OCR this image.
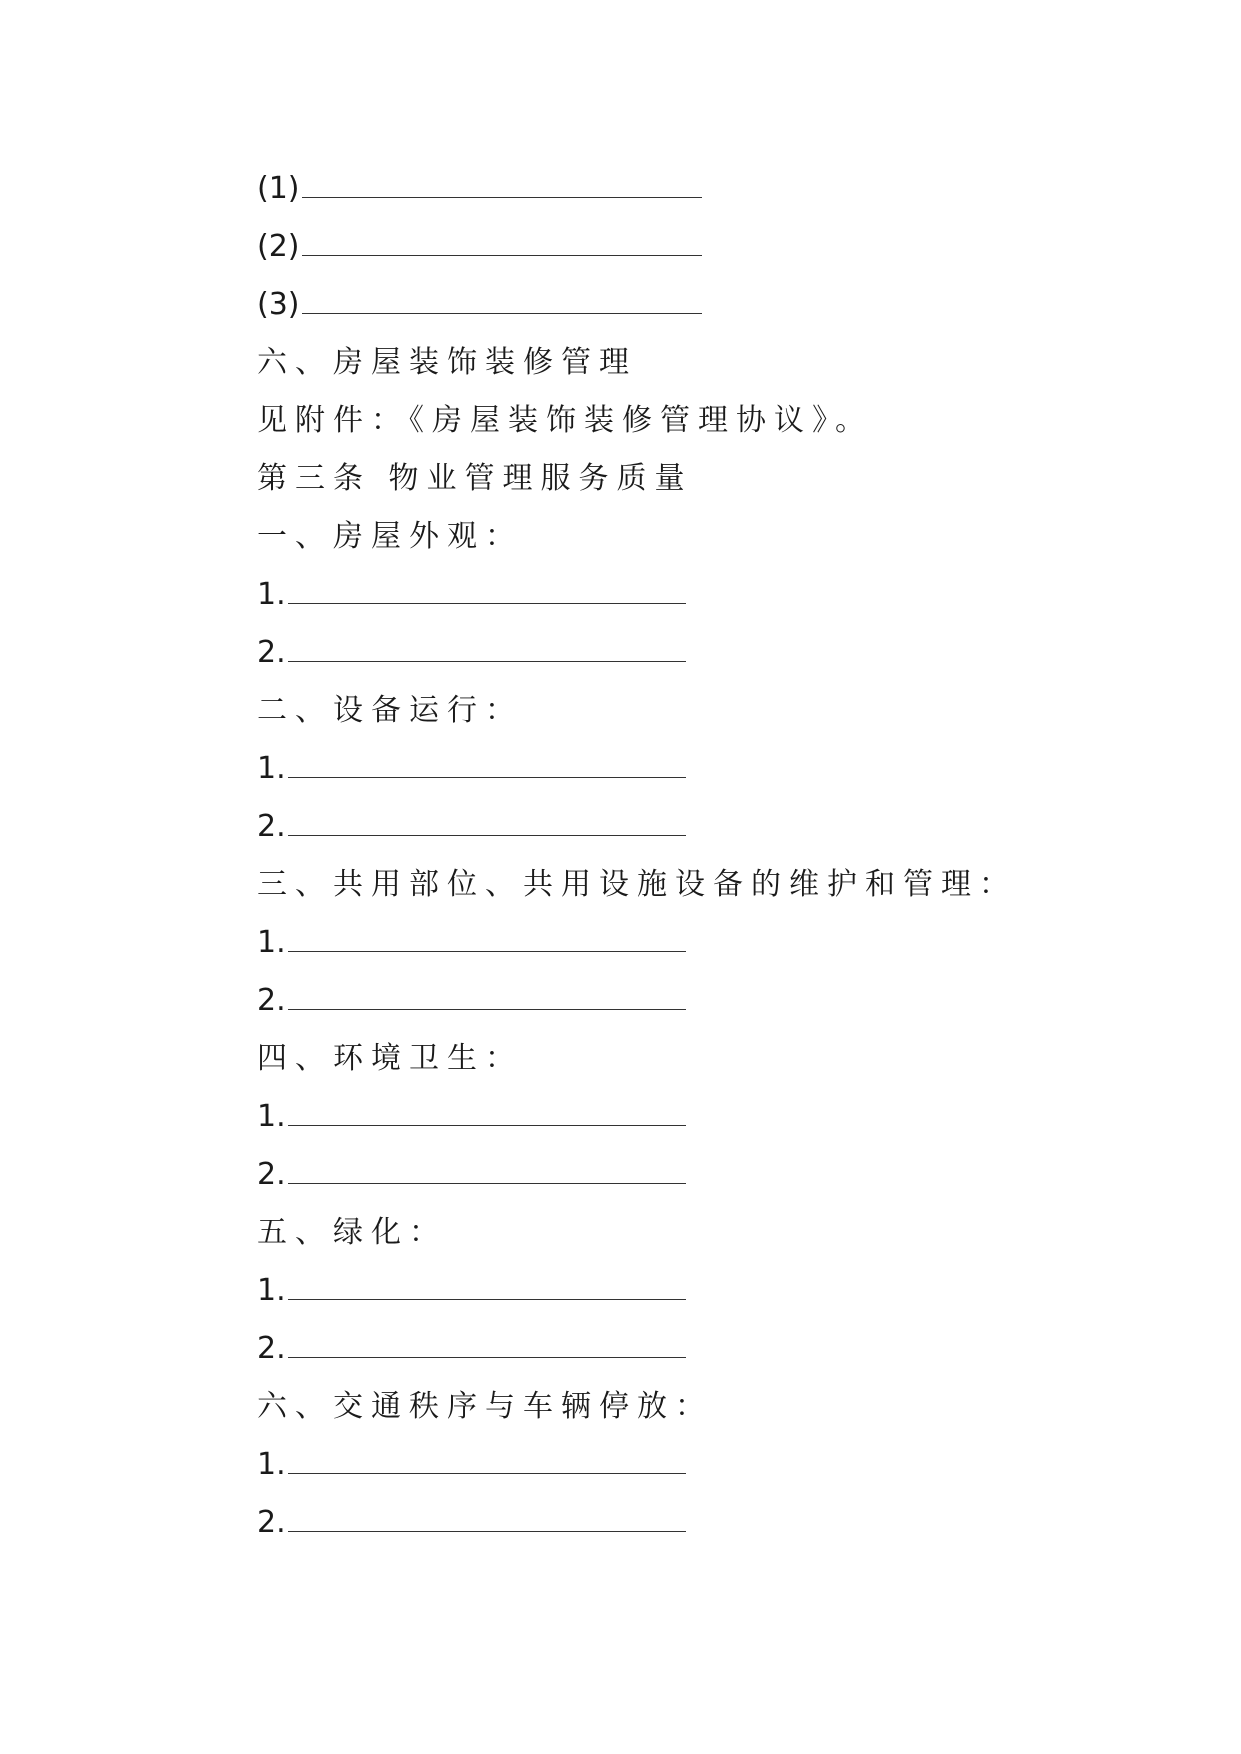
(1)
(2)
(3)
六、房屋装饰装修管理
见附件：《房屋装饰装修管理协议》。
第三条 物业管理服务质量
一、房屋外观：
1.
2.
二、设备运行：
1.
2.
三、共用部位、共用设施设备的维护和管理：
1.
2.
四、环境卫生：
1.
2.
五、绿化：
1.
2.
六、交通秩序与车辆停放：
1.
2.
